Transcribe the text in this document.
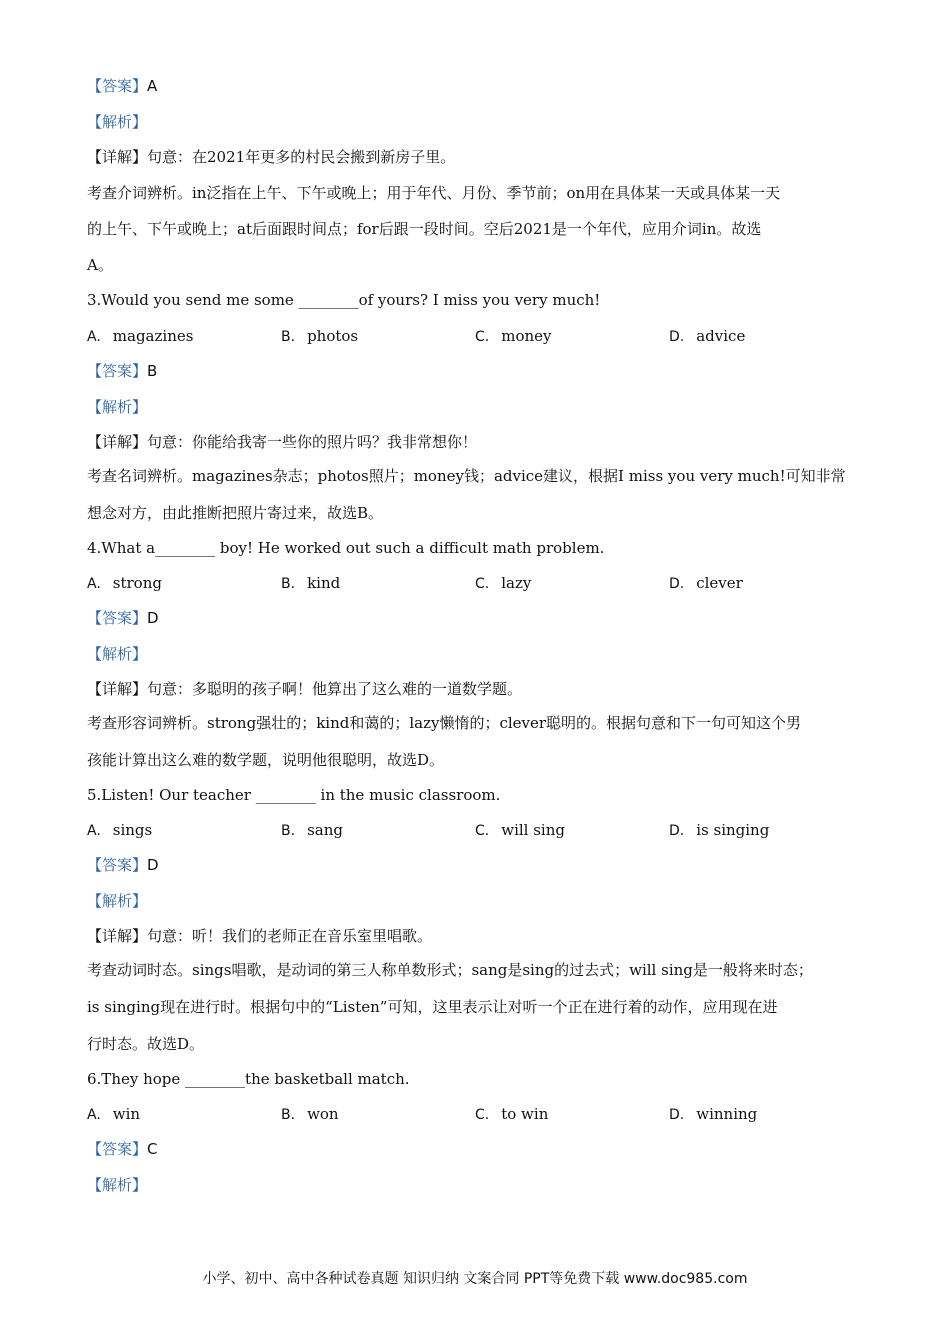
【答案】A
【解析】
【详解】句意：在2021年更多的村民会搬到新房子里。
考查介词辨析。in泛指在上午、下午或晚上；用于年代、月份、季节前；on用在具体某一天或具体某一天
的上午、下午或晚上；at后面跟时间点；for后跟一段时间。空后2021是一个年代，应用介词in。故选
A。
3.Would you send me some ________of yours? I miss you very much!
A. magazines	B. photos	C. money	D. advice
【答案】B
【解析】
【详解】句意：你能给我寄一些你的照片吗？我非常想你！
考查名词辨析。magazines杂志；photos照片；money钱；advice建议，根据I miss you very much!可知非常
想念对方，由此推断把照片寄过来，故选B。
4.What a________ boy! He worked out such a difficult math problem.
A. strong	B. kind	C. lazy	D. clever
【答案】D
【解析】
【详解】句意：多聪明的孩子啊！他算出了这么难的一道数学题。
考查形容词辨析。strong强壮的；kind和蔼的；lazy懒惰的；clever聪明的。根据句意和下一句可知这个男
孩能计算出这么难的数学题，说明他很聪明，故选D。
5.Listen! Our teacher ________ in the music classroom.
A. sings	B. sang	C. will sing	D. is singing
【答案】D
【解析】
【详解】句意：听！我们的老师正在音乐室里唱歌。
考查动词时态。sings唱歌，是动词的第三人称单数形式；sang是sing的过去式；will sing是一般将来时态；
is singing现在进行时。根据句中的“Listen”可知，这里表示让对听一个正在进行着的动作，应用现在进
行时态。故选D。
6.They hope ________the basketball match.
A. win	B. won	C. to win	D. winning
【答案】C
【解析】
小学、初中、高中各种试卷真题 知识归纳 文案合同 PPT等免费下载 www.doc985.com
